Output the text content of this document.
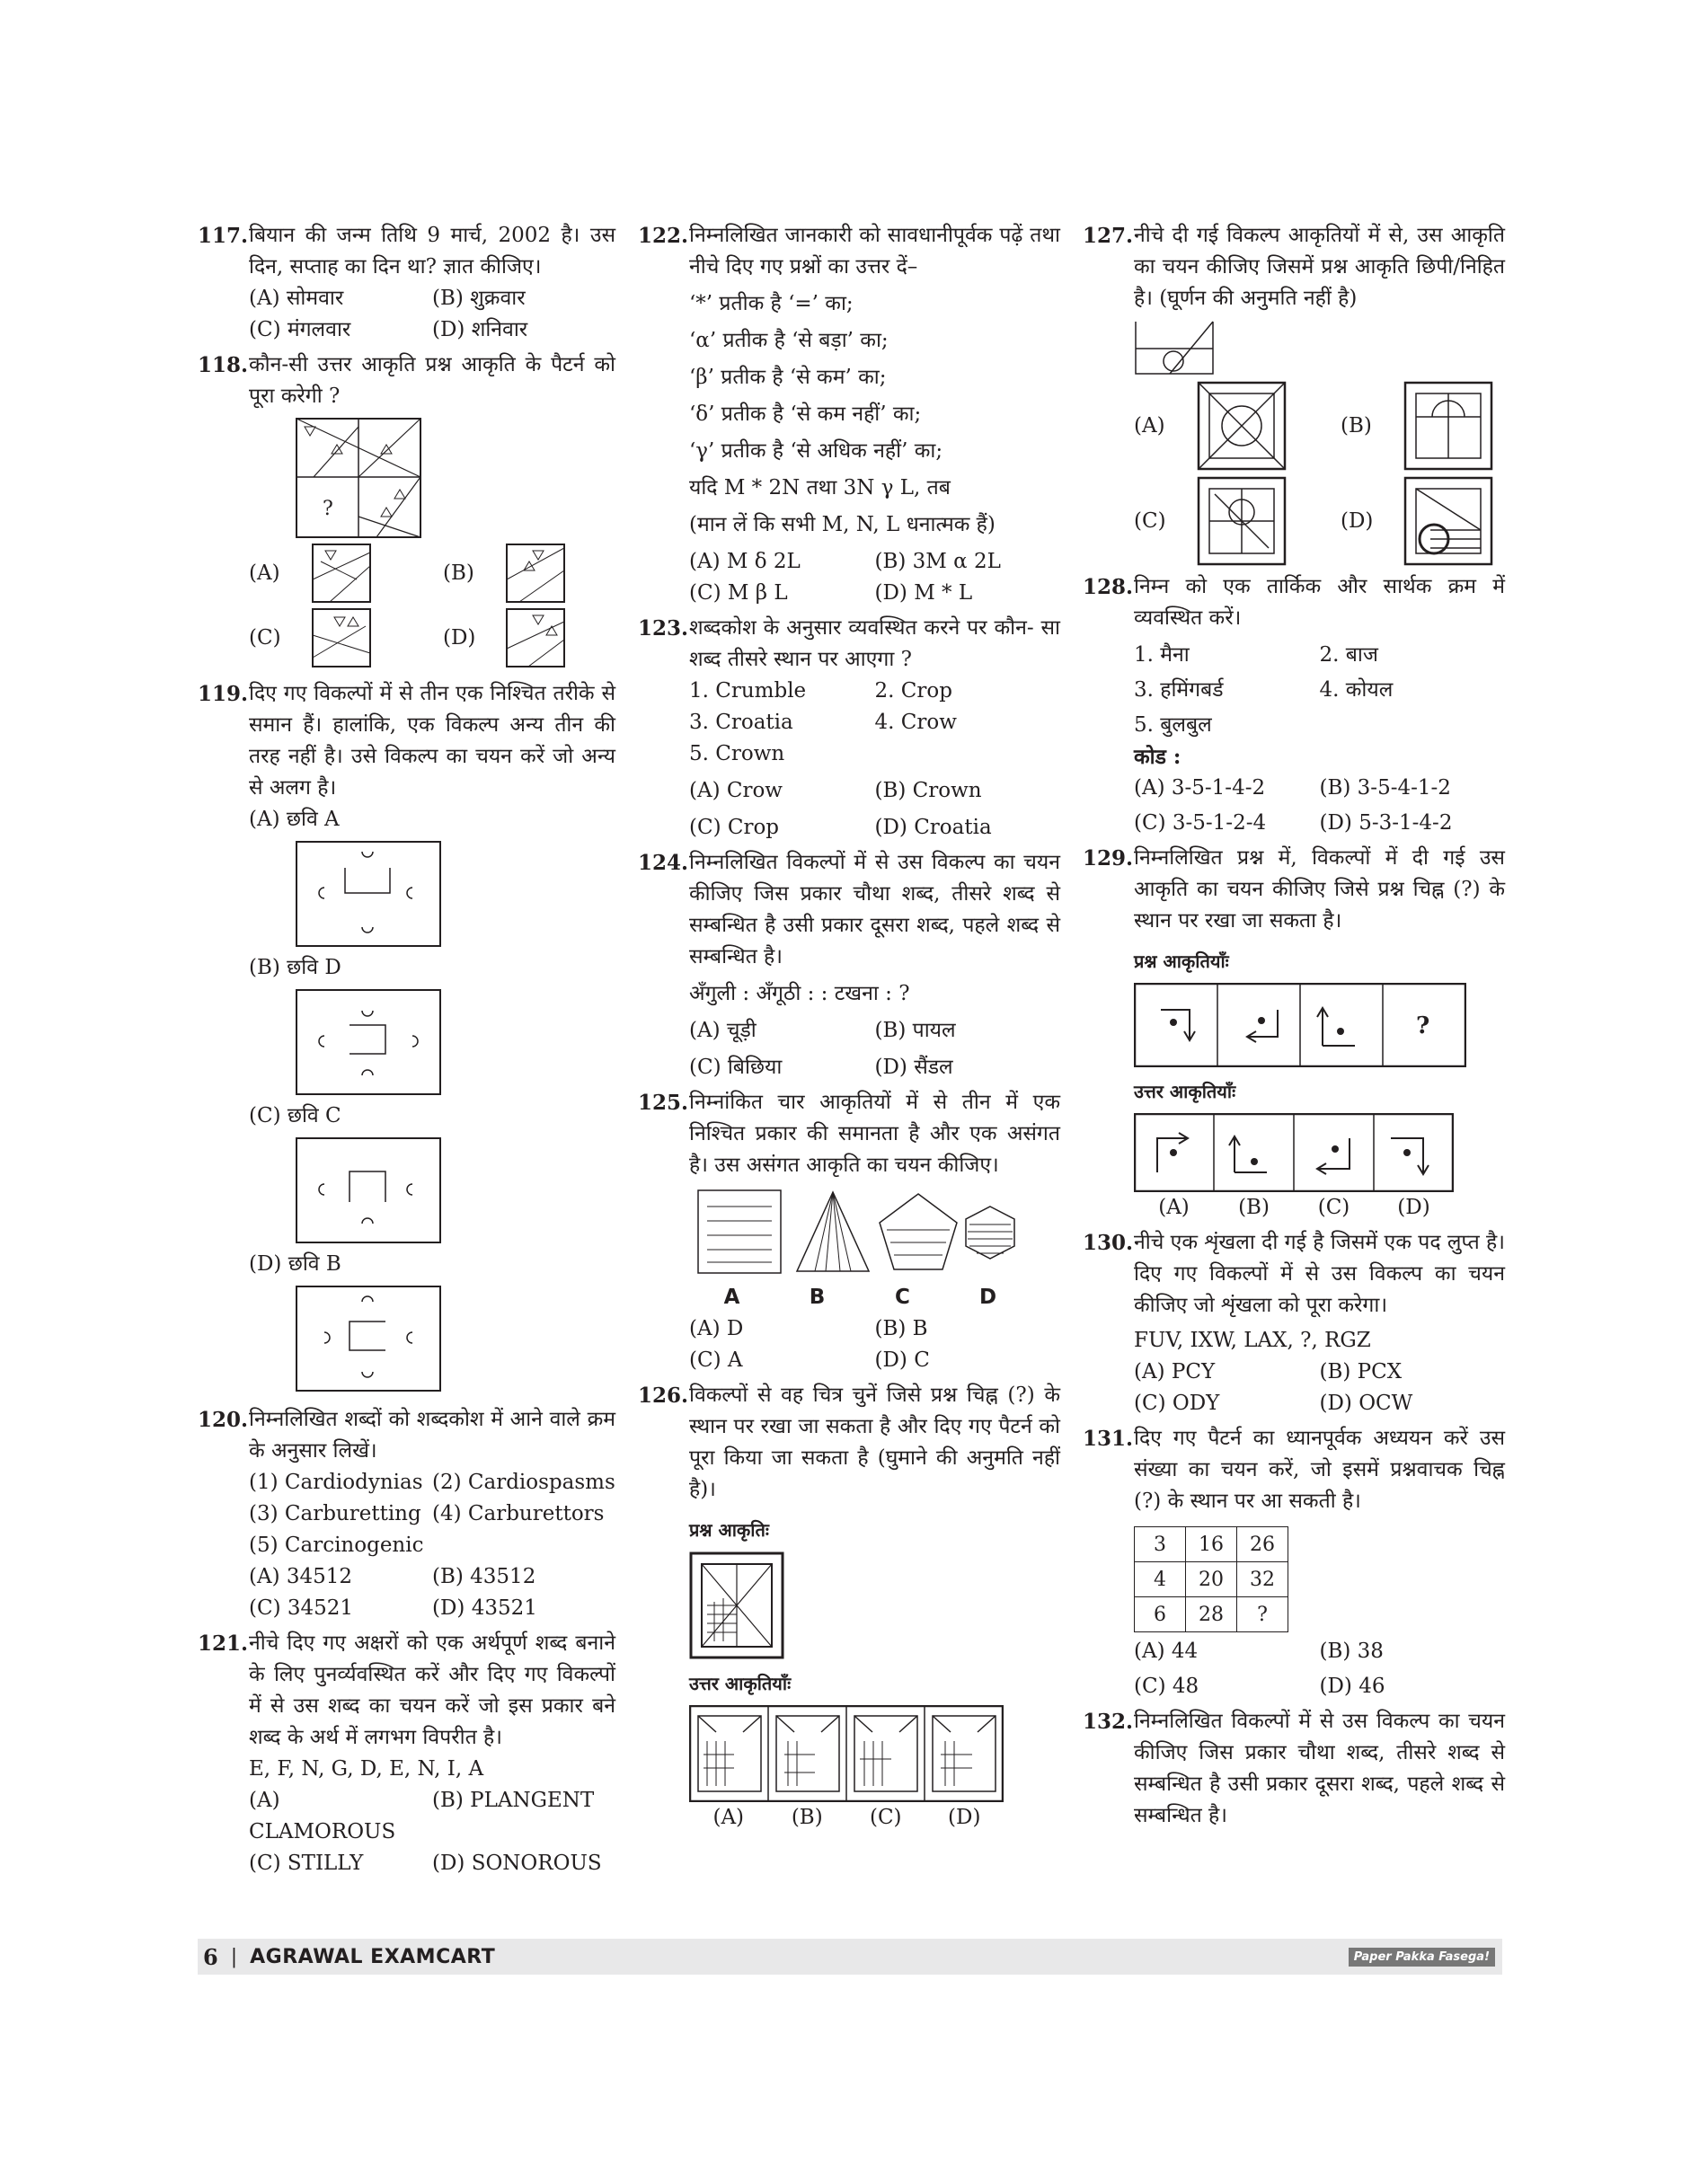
117. बियान की जन्म तिथि 9 मार्च, 2002 है। उस दिन, सप्ताह का दिन था? ज्ञात कीजिए।
(A) सोमवार	(B) शुक्रवार
(C) मंगलवार	(D) शनिवार
118. कौन-सी उत्तर आकृति प्रश्न आकृति के पैटर्न को पूरा करेगी ?
?
(A)	(B)
(C)	(D)
119. दिए गए विकल्पों में से तीन एक निश्चित तरीके से समान हैं। हालांकि, एक विकल्प अन्य तीन की तरह नहीं है। उसे विकल्प का चयन करें जो अन्य से अलग है।
(A) छवि A
(B) छवि D
(C) छवि C
(D) छवि B
120. निम्नलिखित शब्दों को शब्दकोश में आने वाले क्रम के अनुसार लिखें।
(1) Cardiodynias (2) Cardiospasms
(3) Carburetting (4) Carburettors
(5) Carcinogenic
(A) 34512	(B) 43512
(C) 34521	(D) 43521
121. नीचे दिए गए अक्षरों को एक अर्थपूर्ण शब्द बनाने के लिए पुनर्व्यवस्थित करें और दिए गए विकल्पों में से उस शब्द का चयन करें जो इस प्रकार बने शब्द के अर्थ में लगभग विपरीत है।
E, F, N, G, D, E, N, I, A
(A) CLAMOROUS
(B) PLANGENT
(C) STILLY	(D) SONOROUS
122. निम्नलिखित जानकारी को सावधानीपूर्वक पढ़ें तथा नीचे दिए गए प्रश्नों का उत्तर दें–
‘*’ प्रतीक है ‘=’ का;
‘α’ प्रतीक है ‘से बड़ा’ का;
‘β’ प्रतीक है ‘से कम’ का;
‘δ’ प्रतीक है ‘से कम नहीं’ का;
‘γ’ प्रतीक है ‘से अधिक नहीं’ का;
यदि M * 2N तथा 3N γ L, तब
(मान लें कि सभी M, N, L धनात्मक हैं)
(A) M δ 2L	(B) 3M α 2L
(C) M β L	(D) M * L
123. शब्दकोश के अनुसार व्यवस्थित करने पर कौन- सा शब्द तीसरे स्थान पर आएगा ?
1. Crumble	2. Crop
3. Croatia	4. Crow
5. Crown
(A) Crow	(B) Crown
(C) Crop	(D) Croatia
124. निम्नलिखित विकल्पों में से उस विकल्प का चयन कीजिए जिस प्रकार चौथा शब्द, तीसरे शब्द से सम्बन्धित है उसी प्रकार दूसरा शब्द, पहले शब्द से सम्बन्धित है।
अँगुली : अँगूठी : : टखना : ?
(A) चूड़ी	(B) पायल
(C) बिछिया	(D) सैंडल
125. निम्नांकित चार आकृतियों में से तीन में एक निश्चित प्रकार की समानता है और एक असंगत है। उस असंगत आकृति का चयन कीजिए।
A	B	C	D
(A) D	(B) B
(C) A	(D) C
126. विकल्पों से वह चित्र चुनें जिसे प्रश्न चिह्न (?) के स्थान पर रखा जा सकता है और दिए गए पैटर्न को पूरा किया जा सकता है (घुमाने की अनुमति नहीं है)।
प्रश्न आकृतिः
उत्तर आकृतियाँः
(A)	(B)	(C)	(D)
127. नीचे दी गई विकल्प आकृतियों में से, उस आकृति का चयन कीजिए जिसमें प्रश्न आकृति छिपी/निहित है। (घूर्णन की अनुमति नहीं है)
(A)	(B)
(C)	(D)
128. निम्न को एक तार्किक और सार्थक क्रम में व्यवस्थित करें।
1. मैना	2. बाज
3. हमिंगबर्ड	4. कोयल
5. बुलबुल
कोड :
(A) 3-5-1-4-2	(B) 3-5-4-1-2
(C) 3-5-1-2-4	(D) 5-3-1-4-2
129. निम्नलिखित प्रश्न में, विकल्पों में दी गई उस आकृति का चयन कीजिए जिसे प्रश्न चिह्न (?) के स्थान पर रखा जा सकता है।
प्रश्न आकृतियाँः
?
उत्तर आकृतियाँः
(A)	(B)	(C)	(D)
130. नीचे एक शृंखला दी गई है जिसमें एक पद लुप्त है। दिए गए विकल्पों में से उस विकल्प का चयन कीजिए जो शृंखला को पूरा करेगा।
FUV, IXW, LAX, ?, RGZ
(A) PCY	(B) PCX
(C) ODY	(D) OCW
131. दिए गए पैटर्न का ध्यानपूर्वक अध्ययन करें उस संख्या का चयन करें, जो इसमें प्रश्नवाचक चिह्न (?) के स्थान पर आ सकती है।
3	16	26
4	20	32
6	28	?
(A) 44	(B) 38
(C) 48	(D) 46
132. निम्नलिखित विकल्पों में से उस विकल्प का चयन कीजिए जिस प्रकार चौथा शब्द, तीसरे शब्द से सम्बन्धित है उसी प्रकार दूसरा शब्द, पहले शब्द से सम्बन्धित है।
6 | AGRAWAL EXAMCART	Paper Pakka Fasega!
